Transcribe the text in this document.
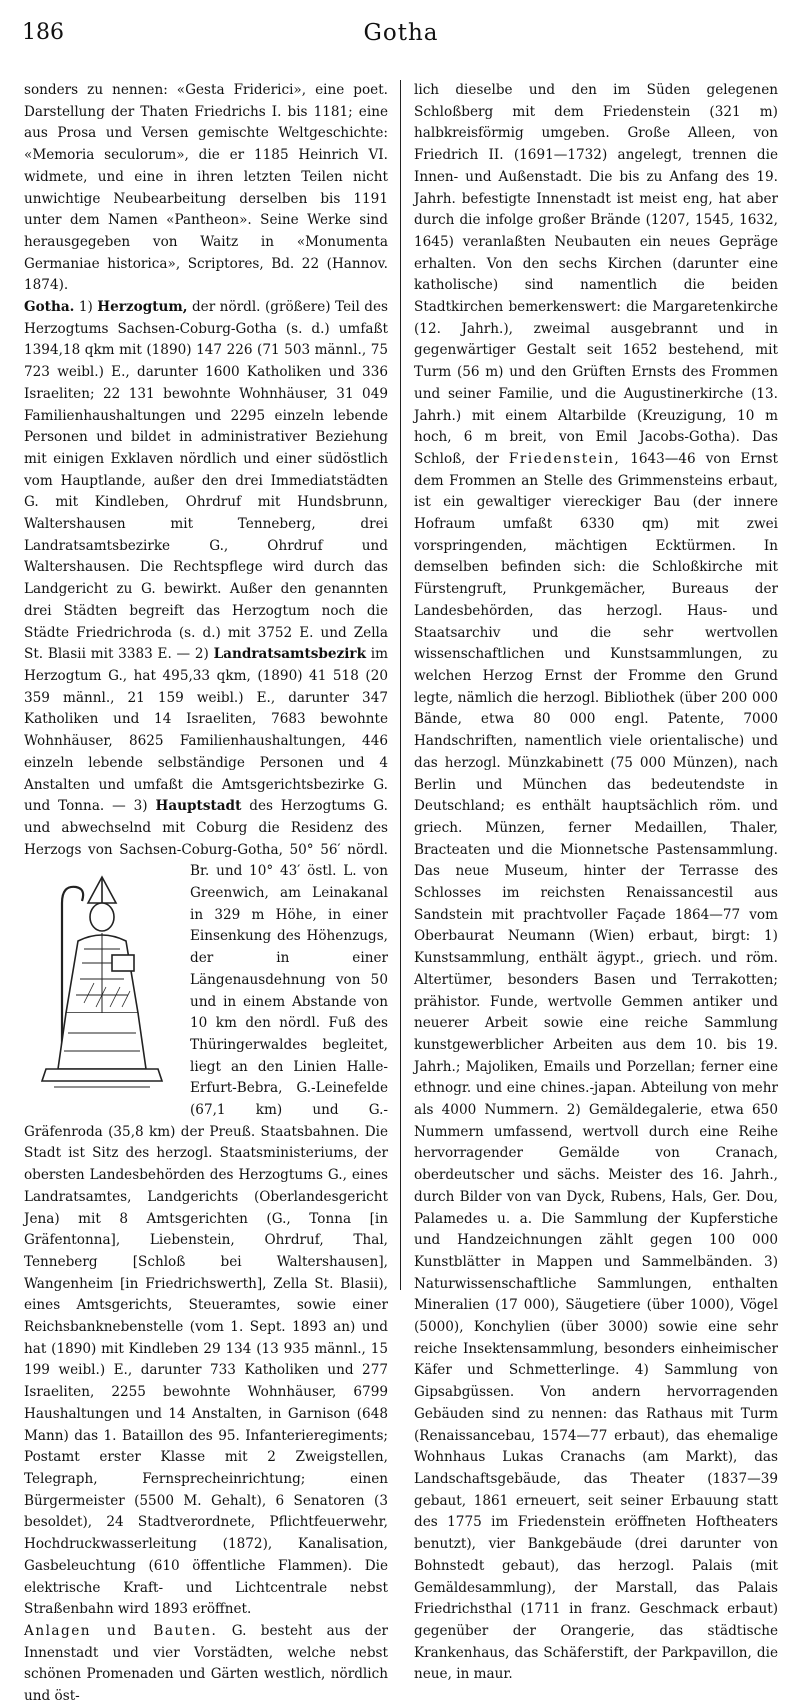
186	Gotha

sonders zu nennen: «Gesta Friderici», eine poet. Darstellung der Thaten Friedrichs I. bis 1181; eine aus Prosa und Versen gemischte Weltgeschichte: «Memoria seculorum», die er 1185 Heinrich VI. widmete, und eine in ihren letzten Teilen nicht unwichtige Neubearbeitung derselben bis 1191 unter dem Namen «Pantheon». Seine Werke sind herausgegeben von Waitz in «Monumenta Germaniae historica», Scriptores, Bd. 22 (Hannov. 1874).

Gotha. 1) Herzogtum, der nördl. (größere) Teil des Herzogtums Sachsen-Coburg-Gotha (s. d.) umfaßt 1394,18 qkm mit (1890) 147 226 (71 503 männl., 75 723 weibl.) E., darunter 1600 Katholiken und 336 Israeliten; 22 131 bewohnte Wohnhäuser, 31 049 Familienhaushaltungen und 2295 einzeln lebende Personen und bildet in administrativer Beziehung mit einigen Exklaven nördlich und einer südöstlich vom Hauptlande, außer den drei Immediatstädten G. mit Kindleben, Ohrdruf mit Hundsbrunn, Waltershausen mit Tenneberg, drei Landratsamtsbezirke G., Ohrdruf und Waltershausen. Die Rechtspflege wird durch das Landgericht zu G. bewirkt. Außer den genannten drei Städten begreift das Herzogtum noch die Städte Friedrichroda (s. d.) mit 3752 E. und Zella St. Blasii mit 3383 E. — 2) Landratsamtsbezirk im Herzogtum G., hat 495,33 qkm, (1890) 41 518 (20 359 männl., 21 159 weibl.) E., darunter 347 Katholiken und 14 Israeliten, 7683 bewohnte Wohnhäuser, 8625 Familienhaushaltungen, 446 einzeln lebende selbständige Personen und 4 Anstalten und umfaßt die Amtsgerichtsbezirke G. und Tonna. — 3) Hauptstadt des Herzogtums G. und abwechselnd mit Coburg die Residenz des Herzogs von Sachsen-Coburg-Gotha, 50° 56′
nördl. Br. und 10° 43′ östl. L. von Greenwich, am Leinakanal in 329 m Höhe, in einer Einsenkung des Höhenzugs, der in einer Längenausdehnung von 50 und in einem Abstande von 10 km den nördl. Fuß des Thüringerwaldes begleitet, liegt an den Linien Halle-Erfurt-Bebra, G.-Leinefelde (67,1 km) und G.-Gräfenroda (35,8 km) der Preuß. Staatsbahnen. Die Stadt ist Sitz des herzogl. Staatsministeriums, der obersten Landesbehörden des Herzogtums G., eines Landratsamtes, Landgerichts (Oberlandesgericht Jena) mit 8 Amtsgerichten (G., Tonna [in Gräfentonna], Liebenstein, Ohrdruf, Thal, Tenneberg [Schloß bei Waltershausen], Wangenheim [in Friedrichswerth], Zella St. Blasii), eines Amtsgerichts, Steueramtes, sowie einer Reichsbanknebenstelle (vom 1. Sept. 1893 an) und hat (1890) mit Kindleben 29 134 (13 935 männl., 15 199 weibl.) E., darunter 733 Katholiken und 277 Israeliten, 2255 bewohnte Wohnhäuser, 6799 Haushaltungen und 14 Anstalten, in Garnison (648 Mann) das 1. Bataillon des 95. Infanterieregiments; Postamt erster Klasse mit 2 Zweigstellen, Telegraph, Fernsprecheinrichtung; einen Bürgermeister (5500 M. Gehalt), 6 Senatoren (3 besoldet), 24 Stadtverordnete, Pflichtfeuerwehr, Hochdruckwasserleitung (1872), Kanalisation, Gasbeleuchtung (610 öffentliche Flammen). Die elektrische Kraft- und Lichtcentrale nebst Straßenbahn wird 1893 eröffnet.

Anlagen und Bauten. G. besteht aus der Innenstadt und vier Vorstädten, welche nebst schönen Promenaden und Gärten westlich, nördlich und öst-

lich dieselbe und den im Süden gelegenen Schloßberg mit dem Friedenstein (321 m) halbkreisförmig umgeben. Große Alleen, von Friedrich II. (1691—1732) angelegt, trennen die Innen- und Außenstadt. Die bis zu Anfang des 19. Jahrh. befestigte Innenstadt ist meist eng, hat aber durch die infolge großer Brände (1207, 1545, 1632, 1645) veranlaßten Neubauten ein neues Gepräge erhalten. Von den sechs Kirchen (darunter eine katholische) sind namentlich die beiden Stadtkirchen bemerkenswert: die Margaretenkirche (12. Jahrh.), zweimal ausgebrannt und in gegenwärtiger Gestalt seit 1652 bestehend, mit Turm (56 m) und den Grüften Ernsts des Frommen und seiner Familie, und die Augustinerkirche (13. Jahrh.) mit einem Altarbilde (Kreuzigung, 10 m hoch, 6 m breit, von Emil Jacobs-Gotha). Das Schloß, der Friedenstein, 1643—46 von Ernst dem Frommen an Stelle des Grimmensteins erbaut, ist ein gewaltiger viereckiger Bau (der innere Hofraum umfaßt 6330 qm) mit zwei vorspringenden, mächtigen Ecktürmen. In demselben befinden sich: die Schloßkirche mit Fürstengruft, Prunkgemächer, Bureaus der Landesbehörden, das herzogl. Haus- und Staatsarchiv und die sehr wertvollen wissenschaftlichen und Kunstsammlungen, zu welchen Herzog Ernst der Fromme den Grund legte, nämlich die herzogl. Bibliothek (über 200 000 Bände, etwa 80 000 engl. Patente, 7000 Handschriften, namentlich viele orientalische) und das herzogl. Münzkabinett (75 000 Münzen), nach Berlin und München das bedeutendste in Deutschland; es enthält hauptsächlich röm. und griech. Münzen, ferner Medaillen, Thaler, Bracteaten und die Mionnetsche Pastensammlung. Das neue Museum, hinter der Terrasse des Schlosses im reichsten Renaissancestil aus Sandstein mit prachtvoller Façade 1864—77 vom Oberbaurat Neumann (Wien) erbaut, birgt: 1) Kunstsammlung, enthält ägypt., griech. und röm. Altertümer, besonders Basen und Terrakotten; prähistor. Funde, wertvolle Gemmen antiker und neuerer Arbeit sowie eine reiche Sammlung kunstgewerblicher Arbeiten aus dem 10. bis 19. Jahrh.; Majoliken, Emails und Porzellan; ferner eine ethnogr. und eine chines.-japan. Abteilung von mehr als 4000 Nummern. 2) Gemäldegalerie, etwa 650 Nummern umfassend, wertvoll durch eine Reihe hervorragender Gemälde von Cranach, oberdeutscher und sächs. Meister des 16. Jahrh., durch Bilder von van Dyck, Rubens, Hals, Ger. Dou, Palamedes u. a. Die Sammlung der Kupferstiche und Handzeichnungen zählt gegen 100 000 Kunstblätter in Mappen und Sammelbänden. 3) Naturwissenschaftliche Sammlungen, enthalten Mineralien (17 000), Säugetiere (über 1000), Vögel (5000), Konchylien (über 3000) sowie eine sehr reiche Insektensammlung, besonders einheimischer Käfer und Schmetterlinge. 4) Sammlung von Gipsabgüssen. Von andern hervorragenden Gebäuden sind zu nennen: das Rathaus mit Turm (Renaissancebau, 1574—77 erbaut), das ehemalige Wohnhaus Lukas Cranachs (am Markt), das Landschaftsgebäude, das Theater (1837—39 gebaut, 1861 erneuert, seit seiner Erbauung statt des 1775 im Friedenstein eröffneten Hoftheaters benutzt), vier Bankgebäude (drei darunter von Bohnstedt gebaut), das herzogl. Palais (mit Gemäldesammlung), der Marstall, das Palais Friedrichsthal (1711 in franz. Geschmack erbaut) gegenüber der Orangerie, das städtische Krankenhaus, das Schäferstift, der Parkpavillon, die neue, in maur.
